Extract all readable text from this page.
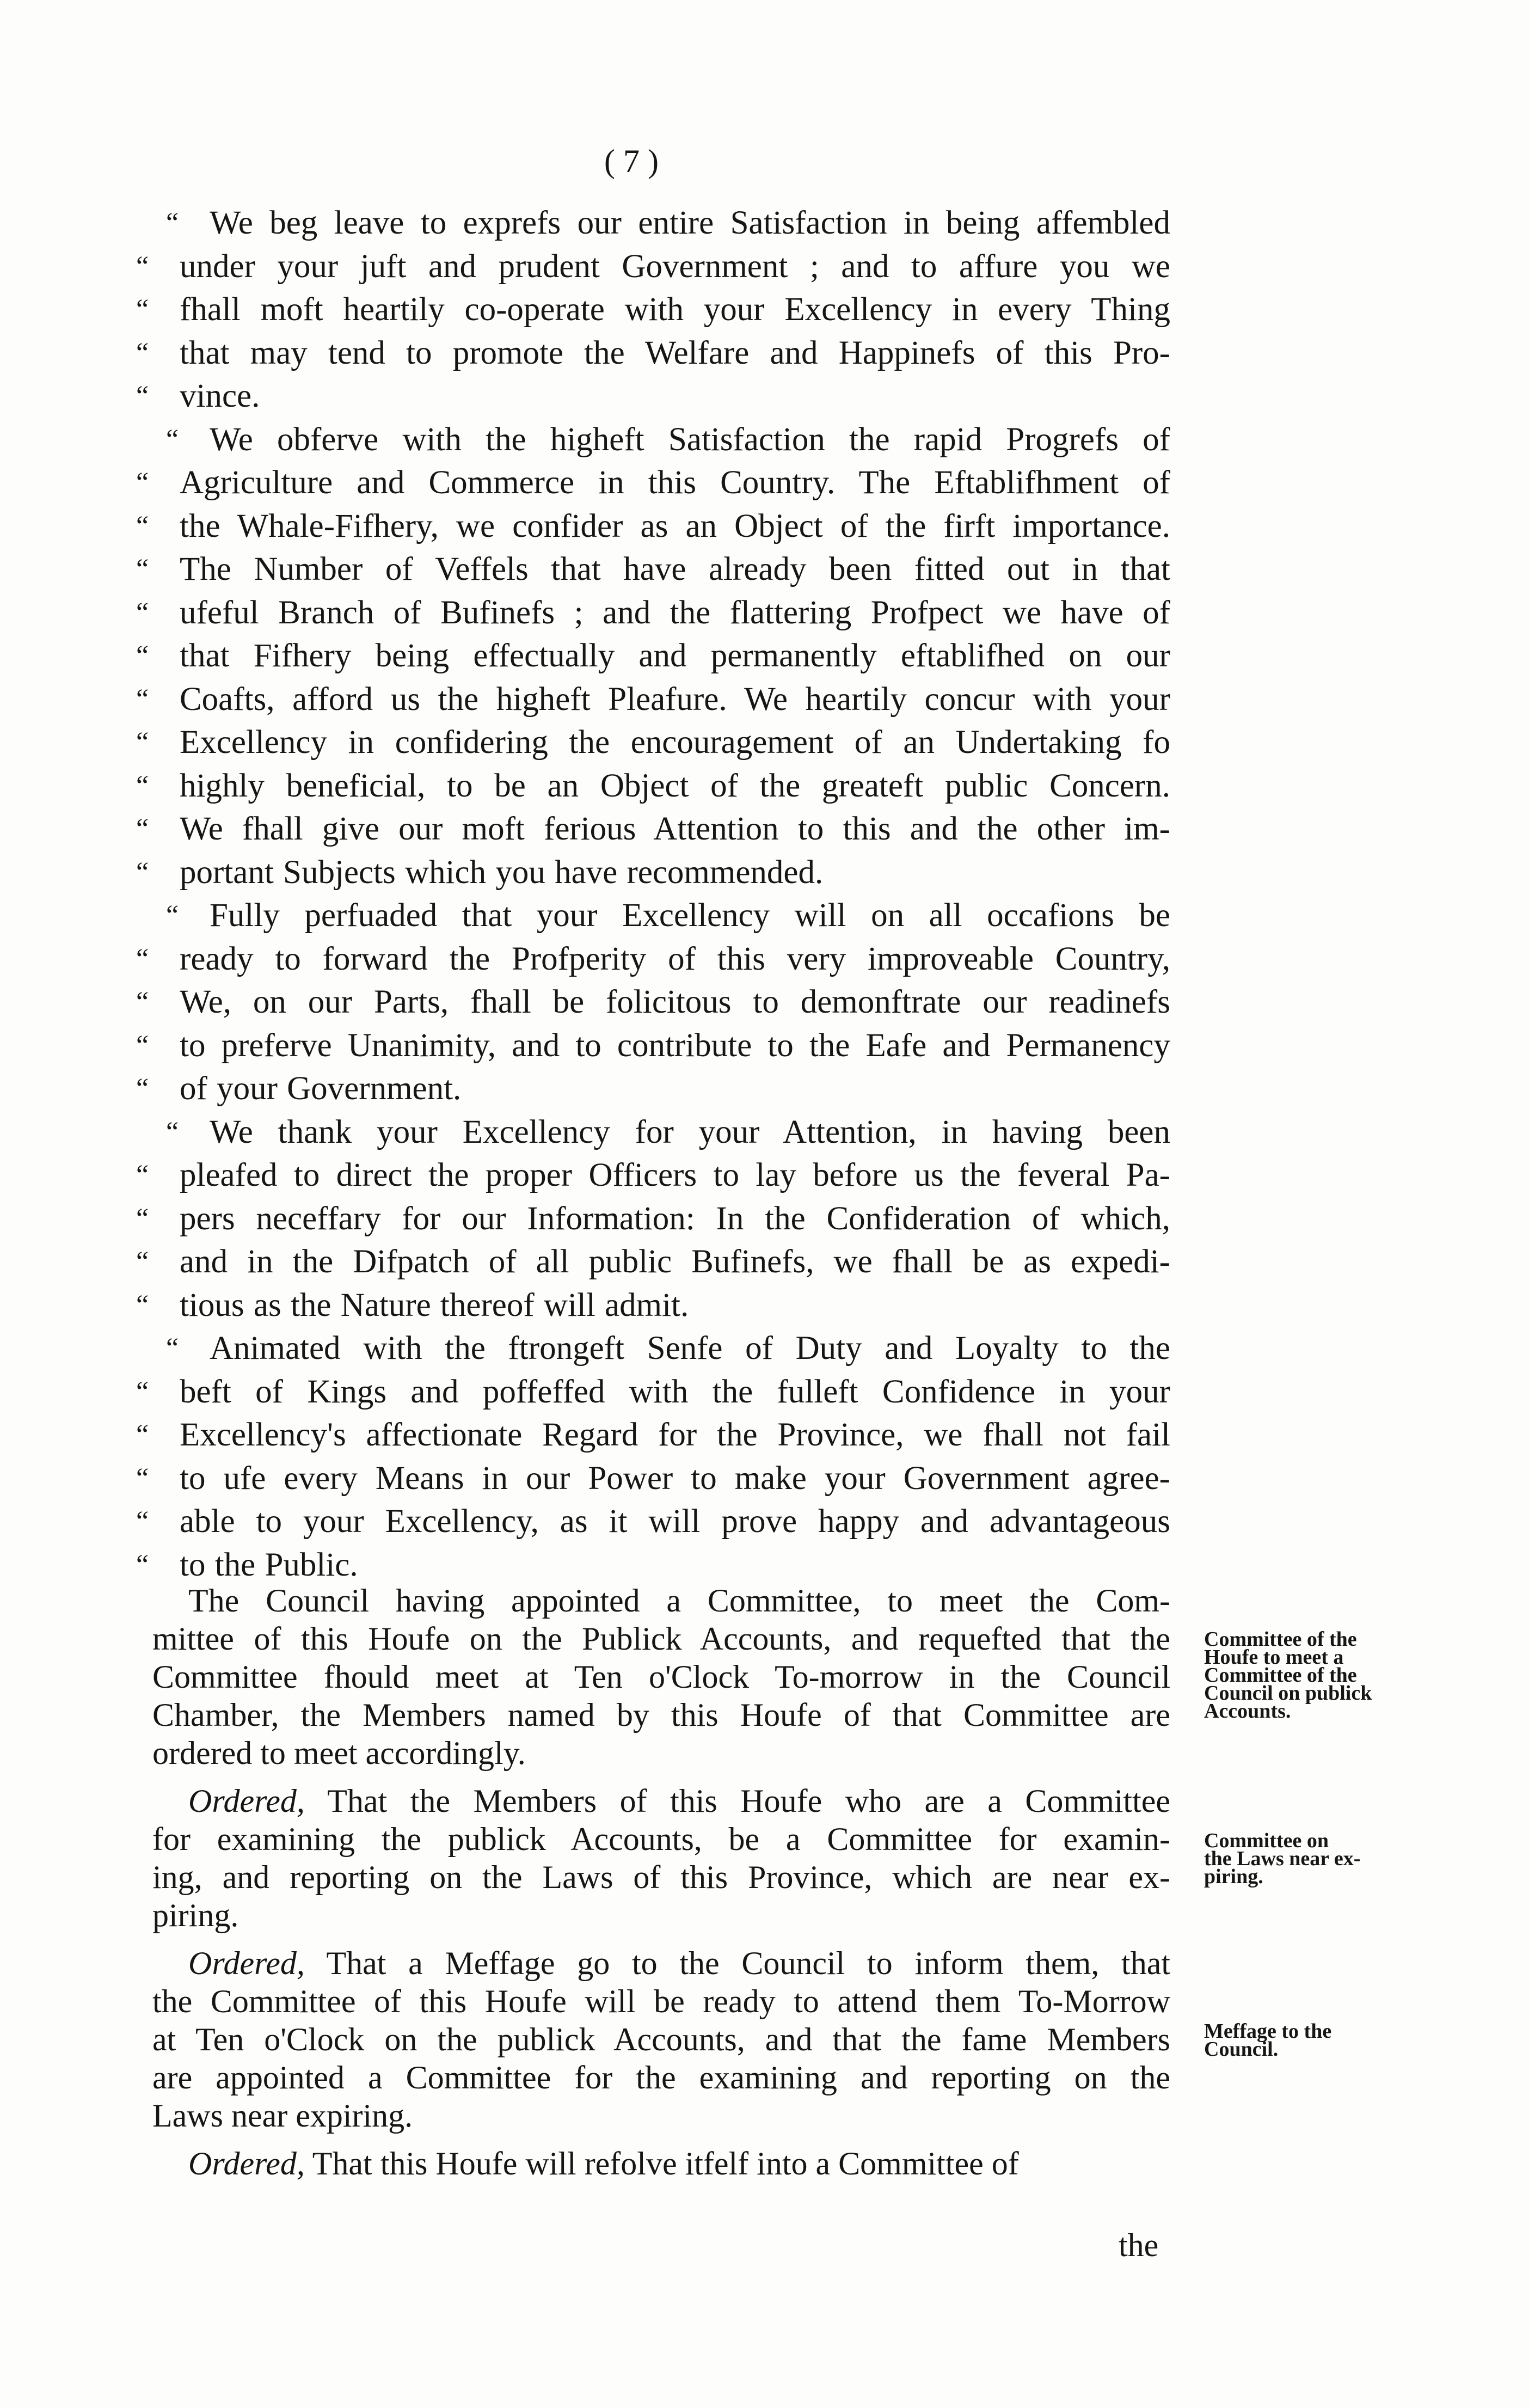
( 7 )
“ We beg leave to exprefs our entire Satisfaction in being affembled
“ under your juft and prudent Government ; and to affure you we
“ fhall moft heartily co-operate with your Excellency in every Thing
“ that may tend to promote the Welfare and Happinefs of this Pro-
“ vince.
“ We obferve with the higheft Satisfaction the rapid Progrefs of
“ Agriculture and Commerce in this Country. The Eftablifhment of
“ the Whale-Fifhery, we confider as an Object of the firft importance.
“ The Number of Veffels that have already been fitted out in that
“ ufeful Branch of Bufinefs ; and the flattering Profpect we have of
“ that Fifhery being effectually and permanently eftablifhed on our
“ Coafts, afford us the higheft Pleafure. We heartily concur with your
“ Excellency in confidering the encouragement of an Undertaking fo
“ highly beneficial, to be an Object of the greateft public Concern.
“ We fhall give our moft ferious Attention to this and the other im-
“ portant Subjects which you have recommended.
“ Fully perfuaded that your Excellency will on all occafions be
“ ready to forward the Profperity of this very improveable Country,
“ We, on our Parts, fhall be folicitous to demonftrate our readinefs
“ to preferve Unanimity, and to contribute to the Eafe and Permanency
“ of your Government.
“ We thank your Excellency for your Attention, in having been
“ pleafed to direct the proper Officers to lay before us the feveral Pa-
“ pers neceffary for our Information: In the Confideration of which,
“ and in the Difpatch of all public Bufinefs, we fhall be as expedi-
“ tious as the Nature thereof will admit.
“ Animated with the ftrongeft Senfe of Duty and Loyalty to the
“ beft of Kings and poffeffed with the fulleft Confidence in your
“ Excellency's affectionate Regard for the Province, we fhall not fail
“ to ufe every Means in our Power to make your Government agree-
“ able to your Excellency, as it will prove happy and advantageous
“ to the Public.
The Council having appointed a Committee, to meet the Com-
mittee of this Houfe on the Publick Accounts, and requefted that the
Committee fhould meet at Ten o'Clock To-morrow in the Council
Chamber, the Members named by this Houfe of that Committee are
ordered to meet accordingly.
Ordered, That the Members of this Houfe who are a Committee
for examining the publick Accounts, be a Committee for examin-
ing, and reporting on the Laws of this Province, which are near ex-
piring.
Ordered, That a Meffage go to the Council to inform them, that
the Committee of this Houfe will be ready to attend them To-Morrow
at Ten o'Clock on the publick Accounts, and that the fame Members
are appointed a Committee for the examining and reporting on the
Laws near expiring.
Ordered, That this Houfe will refolve itfelf into a Committee of
Committee of the
Houfe to meet a
Committee of the
Council on publick
Accounts.
Committee on
the Laws near ex-
piring.
Meffage to the
Council.
the
